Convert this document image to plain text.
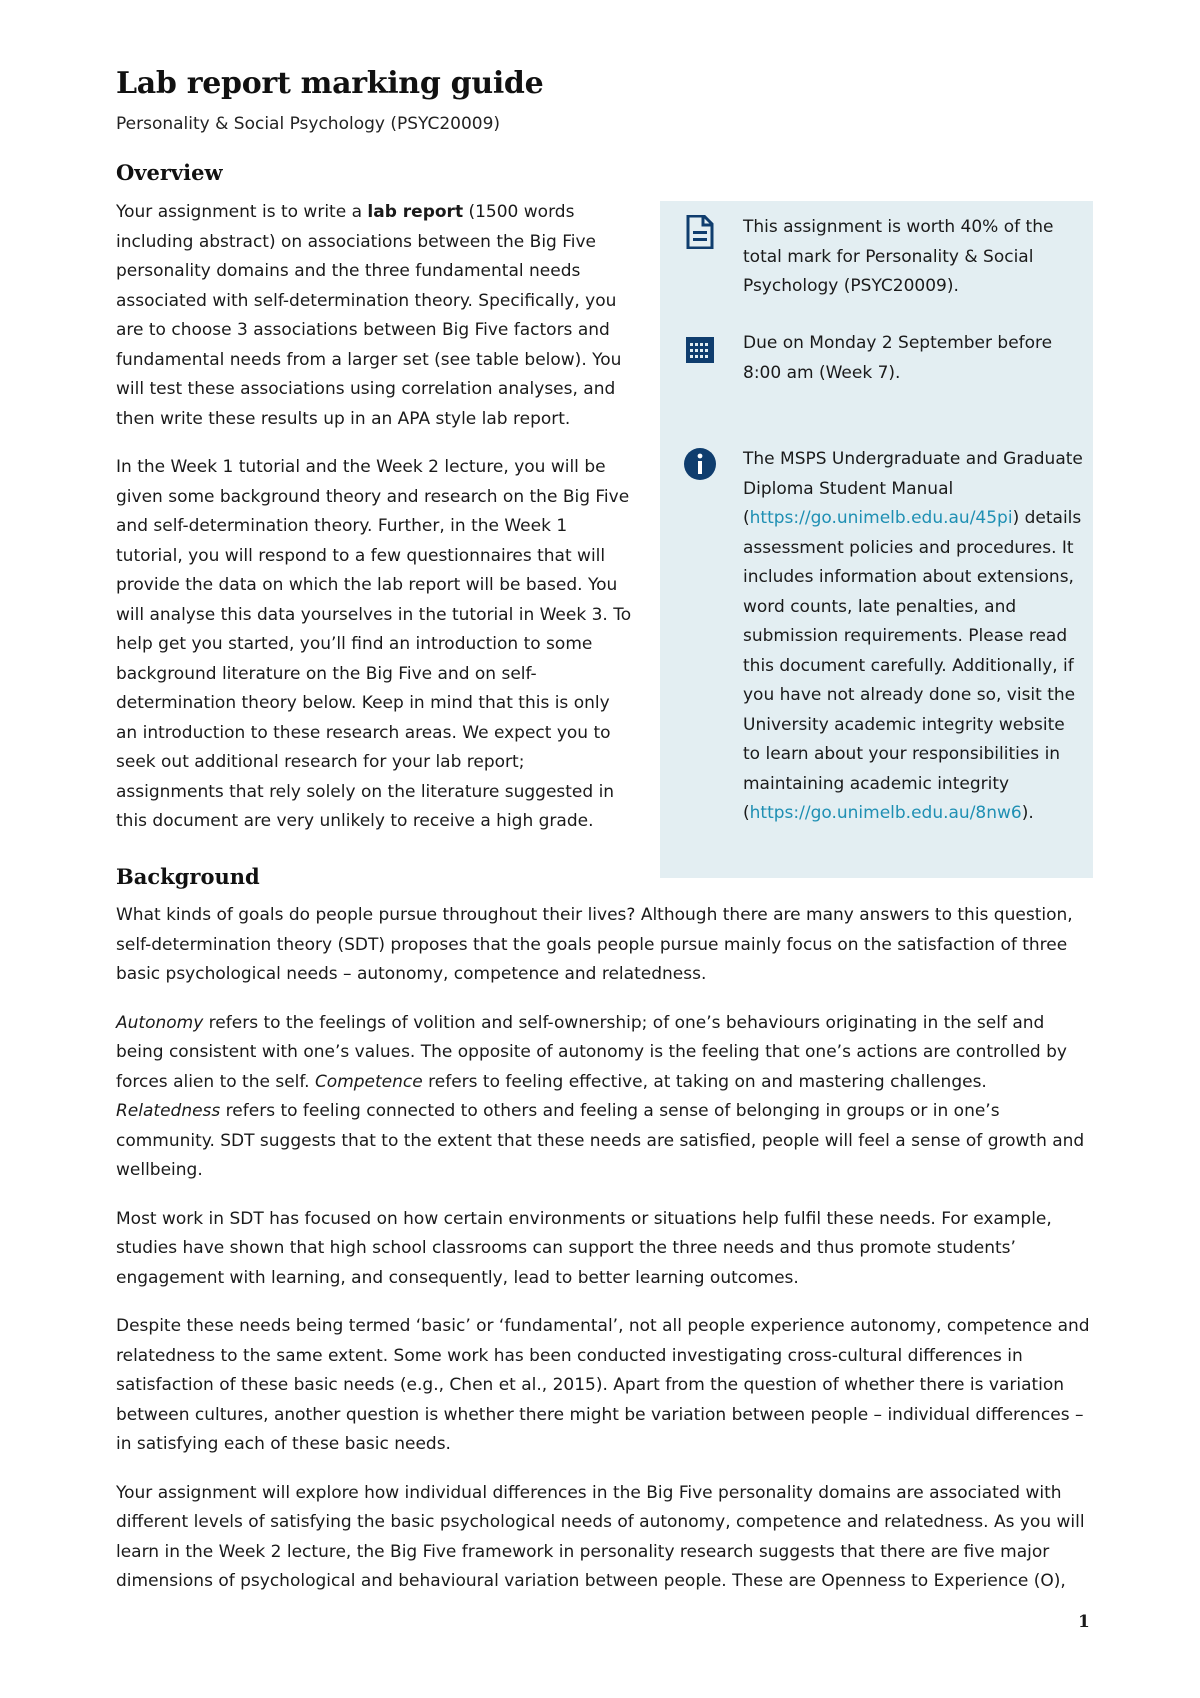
Lab report marking guide
Personality & Social Psychology (PSYC20009)
Overview

Your assignment is to write a lab report (1500 words including abstract) on associations between the Big Five personality domains and the three fundamental needs associated with self-determination theory. Specifically, you are to choose 3 associations between Big Five factors and fundamental needs from a larger set (see table below). You will test these associations using correlation analyses, and then write these results up in an APA style lab report.

In the Week 1 tutorial and the Week 2 lecture, you will be given some background theory and research on the Big Five and self-determination theory. Further, in the Week 1 tutorial, you will respond to a few questionnaires that will provide the data on which the lab report will be based. You will analyse this data yourselves in the tutorial in Week 3. To help get you started, you’ll find an introduction to some background literature on the Big Five and on self-determination theory below. Keep in mind that this is only an introduction to these research areas. We expect you to seek out additional research for your lab report; assignments that rely solely on the literature suggested in this document are very unlikely to receive a high grade.

This assignment is worth 40% of the total mark for Personality & Social Psychology (PSYC20009).

Due on Monday 2 September before 8:00 am (Week 7).

The MSPS Undergraduate and Graduate Diploma Student Manual (https://go.unimelb.edu.au/45pi) details assessment policies and procedures. It includes information about extensions, word counts, late penalties, and submission requirements. Please read this document carefully. Additionally, if you have not already done so, visit the University academic integrity website to learn about your responsibilities in maintaining academic integrity (https://go.unimelb.edu.au/8nw6).

Background

What kinds of goals do people pursue throughout their lives? Although there are many answers to this question, self-determination theory (SDT) proposes that the goals people pursue mainly focus on the satisfaction of three basic psychological needs – autonomy, competence and relatedness.

Autonomy refers to the feelings of volition and self-ownership; of one’s behaviours originating in the self and being consistent with one’s values. The opposite of autonomy is the feeling that one’s actions are controlled by forces alien to the self. Competence refers to feeling effective, at taking on and mastering challenges. Relatedness refers to feeling connected to others and feeling a sense of belonging in groups or in one’s community. SDT suggests that to the extent that these needs are satisfied, people will feel a sense of growth and wellbeing.

Most work in SDT has focused on how certain environments or situations help fulfil these needs. For example, studies have shown that high school classrooms can support the three needs and thus promote students’ engagement with learning, and consequently, lead to better learning outcomes.

Despite these needs being termed ‘basic’ or ‘fundamental’, not all people experience autonomy, competence and relatedness to the same extent. Some work has been conducted investigating cross-cultural differences in satisfaction of these basic needs (e.g., Chen et al., 2015). Apart from the question of whether there is variation between cultures, another question is whether there might be variation between people – individual differences – in satisfying each of these basic needs.

Your assignment will explore how individual differences in the Big Five personality domains are associated with different levels of satisfying the basic psychological needs of autonomy, competence and relatedness. As you will learn in the Week 2 lecture, the Big Five framework in personality research suggests that there are five major dimensions of psychological and behavioural variation between people. These are Openness to Experience (O),

1
